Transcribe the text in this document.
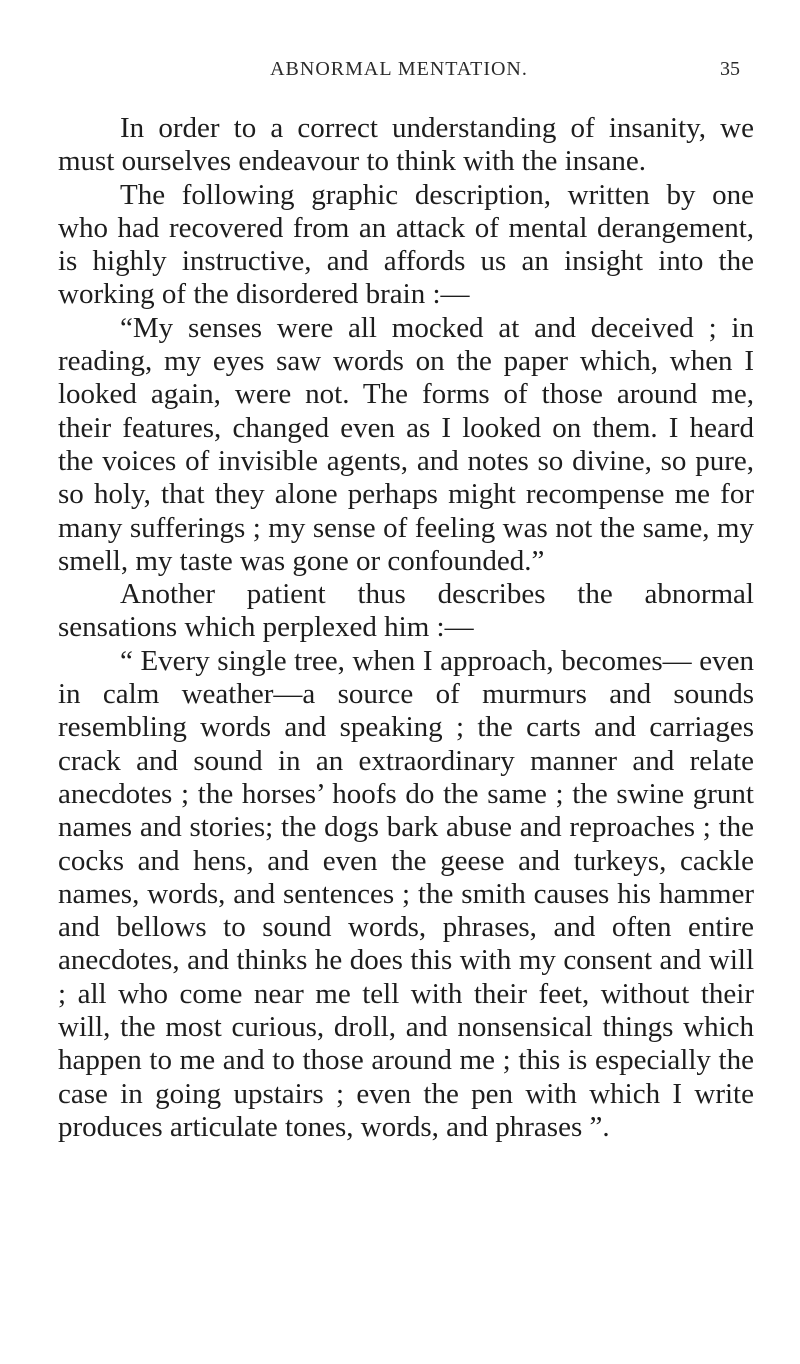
ABNORMAL MENTATION.	35

In order to a correct understanding of insanity, we must ourselves endeavour to think with the insane.

The following graphic description, written by one who had recovered from an attack of mental derangement, is highly instructive, and affords us an insight into the working of the disordered brain :—

“My senses were all mocked at and deceived ; in reading, my eyes saw words on the paper which, when I looked again, were not. The forms of those around me, their features, changed even as I looked on them. I heard the voices of invisible agents, and notes so divine, so pure, so holy, that they alone perhaps might recompense me for many sufferings ; my sense of feeling was not the same, my smell, my taste was gone or confounded.”

Another patient thus describes the abnormal sensations which perplexed him :—

“ Every single tree, when I approach, becomes— even in calm weather—a source of murmurs and sounds resembling words and speaking ; the carts and carriages crack and sound in an extraordinary manner and relate anecdotes ; the horses’ hoofs do the same ; the swine grunt names and stories; the dogs bark abuse and reproaches ; the cocks and hens, and even the geese and turkeys, cackle names, words, and sentences ; the smith causes his hammer and bellows to sound words, phrases, and often entire anecdotes, and thinks he does this with my consent and will ; all who come near me tell with their feet, without their will, the most curious, droll, and nonsensical things which happen to me and to those around me ; this is especially the case in going upstairs ; even the pen with which I write produces articulate tones, words, and phrases ”.
